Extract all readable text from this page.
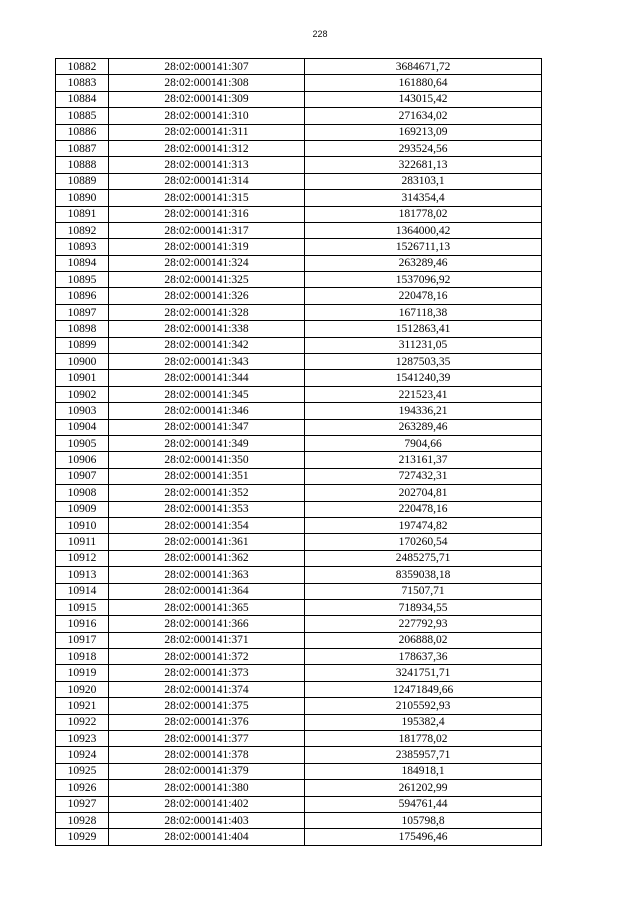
228
10882	28:02:000141:307	3684671,72
10883	28:02:000141:308	161880,64
10884	28:02:000141:309	143015,42
10885	28:02:000141:310	271634,02
10886	28:02:000141:311	169213,09
10887	28:02:000141:312	293524,56
10888	28:02:000141:313	322681,13
10889	28:02:000141:314	283103,1
10890	28:02:000141:315	314354,4
10891	28:02:000141:316	181778,02
10892	28:02:000141:317	1364000,42
10893	28:02:000141:319	1526711,13
10894	28:02:000141:324	263289,46
10895	28:02:000141:325	1537096,92
10896	28:02:000141:326	220478,16
10897	28:02:000141:328	167118,38
10898	28:02:000141:338	1512863,41
10899	28:02:000141:342	311231,05
10900	28:02:000141:343	1287503,35
10901	28:02:000141:344	1541240,39
10902	28:02:000141:345	221523,41
10903	28:02:000141:346	194336,21
10904	28:02:000141:347	263289,46
10905	28:02:000141:349	7904,66
10906	28:02:000141:350	213161,37
10907	28:02:000141:351	727432,31
10908	28:02:000141:352	202704,81
10909	28:02:000141:353	220478,16
10910	28:02:000141:354	197474,82
10911	28:02:000141:361	170260,54
10912	28:02:000141:362	2485275,71
10913	28:02:000141:363	8359038,18
10914	28:02:000141:364	71507,71
10915	28:02:000141:365	718934,55
10916	28:02:000141:366	227792,93
10917	28:02:000141:371	206888,02
10918	28:02:000141:372	178637,36
10919	28:02:000141:373	3241751,71
10920	28:02:000141:374	12471849,66
10921	28:02:000141:375	2105592,93
10922	28:02:000141:376	195382,4
10923	28:02:000141:377	181778,02
10924	28:02:000141:378	2385957,71
10925	28:02:000141:379	184918,1
10926	28:02:000141:380	261202,99
10927	28:02:000141:402	594761,44
10928	28:02:000141:403	105798,8
10929	28:02:000141:404	175496,46
